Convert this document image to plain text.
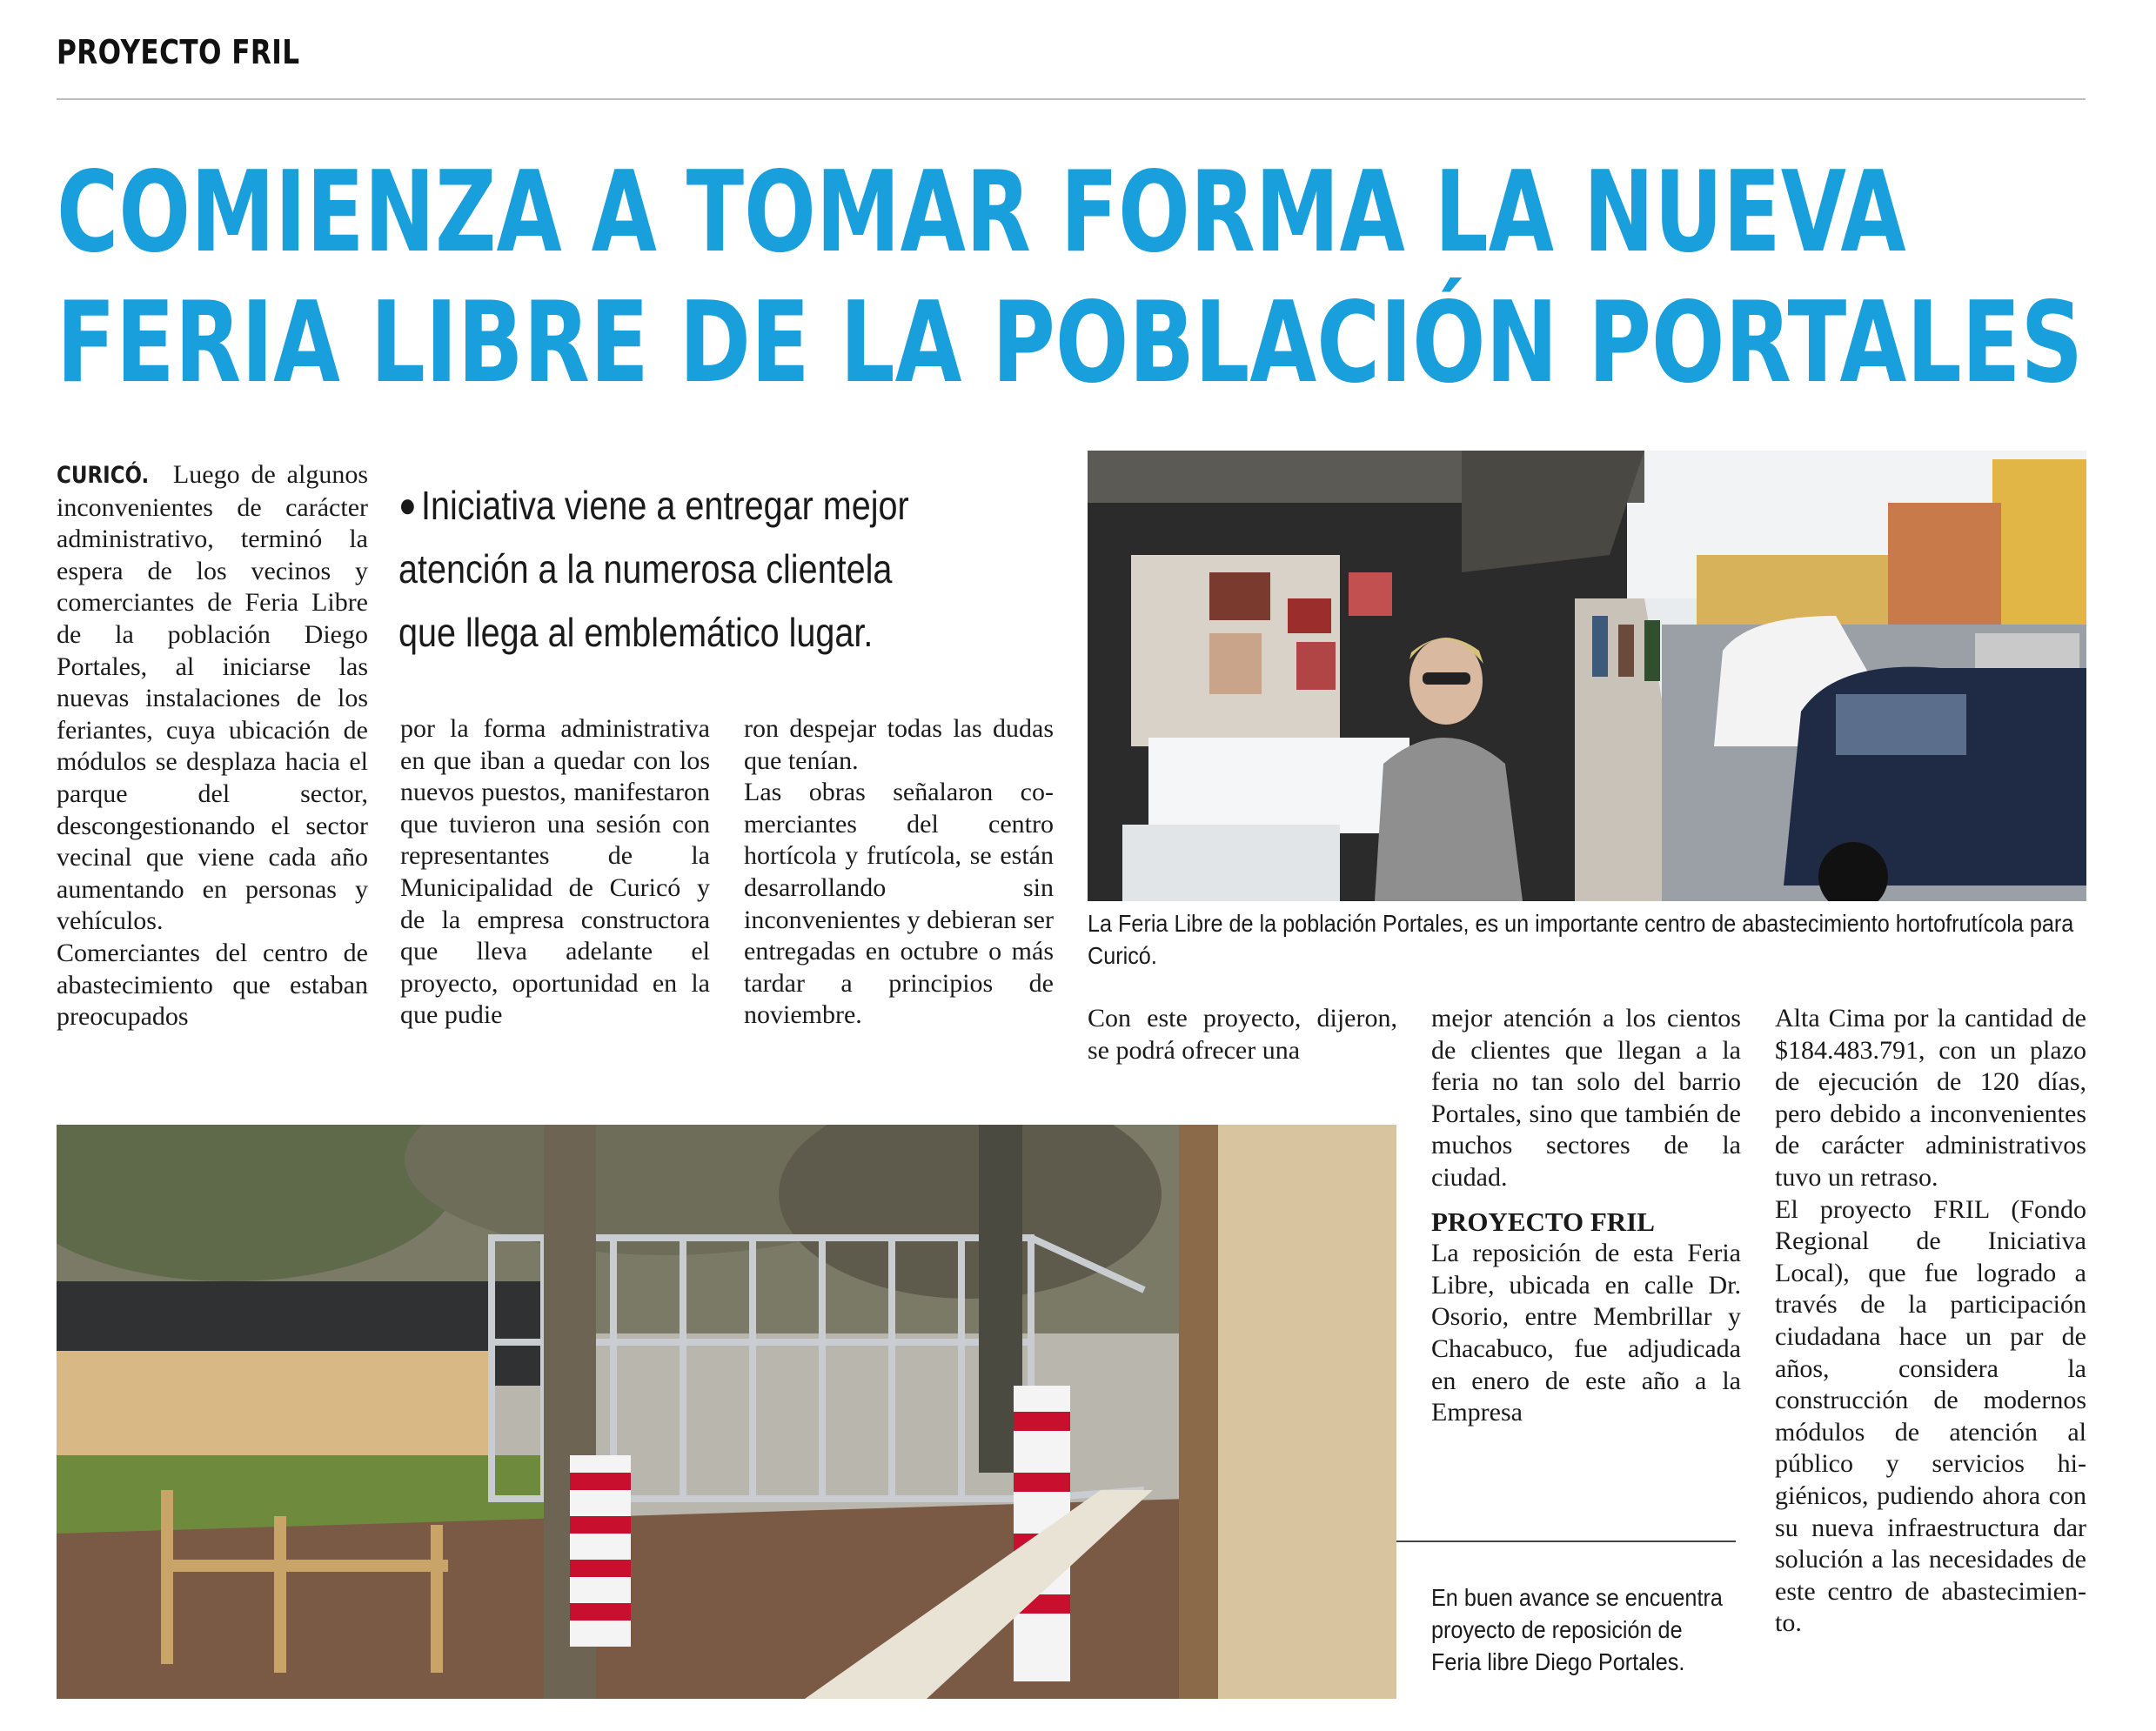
PROYECTO FRIL
COMIENZA A TOMAR FORMA LA NUEVA
FERIA LIBRE DE LA POBLACIÓN PORTALES

CURICÓ. Luego de algunos inconvenientes de carácter administrativo, terminó la espera de los vecinos y comerciantes de Feria Libre de la población Diego Portales, al iniciarse las nuevas instalaciones de los feriantes, cuya ubicación de módulos se desplaza hacia el parque del sector, descongestionando el sector vecinal que viene cada año aumentando en personas y vehículos.

Comerciantes del centro de abastecimiento que estaban preocupados

● Iniciativa viene a entregar mejor atención a la numerosa clientela que llega al emblemático lugar.

por la forma administrativa en que iban a quedar con los nuevos puestos, manifestaron que tuvieron una sesión con representantes de la Municipalidad de Curicó y de la empresa constructora que lleva adelante el proyecto, oportunidad en la que pudie

ron despejar todas las dudas que tenían.

Las obras señalaron comerciantes del centro hortícola y frutícola, se están desarrollando sin inconvenientes y debieran ser entregadas en octubre o más tardar a principios de noviembre.

La Feria Libre de la población Portales, es un importante centro de abastecimiento hortofrutícola para Curicó.

Con este proyecto, dijeron, se podrá ofrecer una

mejor atención a los cientos de clientes que llegan a la feria no tan solo del barrio Portales, sino que también de muchos sectores de la ciudad.

PROYECTO FRIL

La reposición de esta Feria Libre, ubicada en calle Dr. Osorio, entre Membrillar y Chacabuco, fue adjudicada en enero de este año a la Empresa

Alta Cima por la cantidad de $184.483.791, con un plazo de ejecución de 120 días, pero debido a inconvenientes de carácter administrativos tuvo un retraso.

El proyecto FRIL (Fondo Regional de Iniciativa Local), que fue logrado a través de la participación ciudadana hace un par de años, considera la construcción de modernos módulos de atención al público y servicios higiénicos, pudiendo ahora con su nueva infraestructura dar solución a las necesidades de este centro de abastecimiento.

En buen avance se encuentra proyecto de reposición de Feria libre Diego Portales.
